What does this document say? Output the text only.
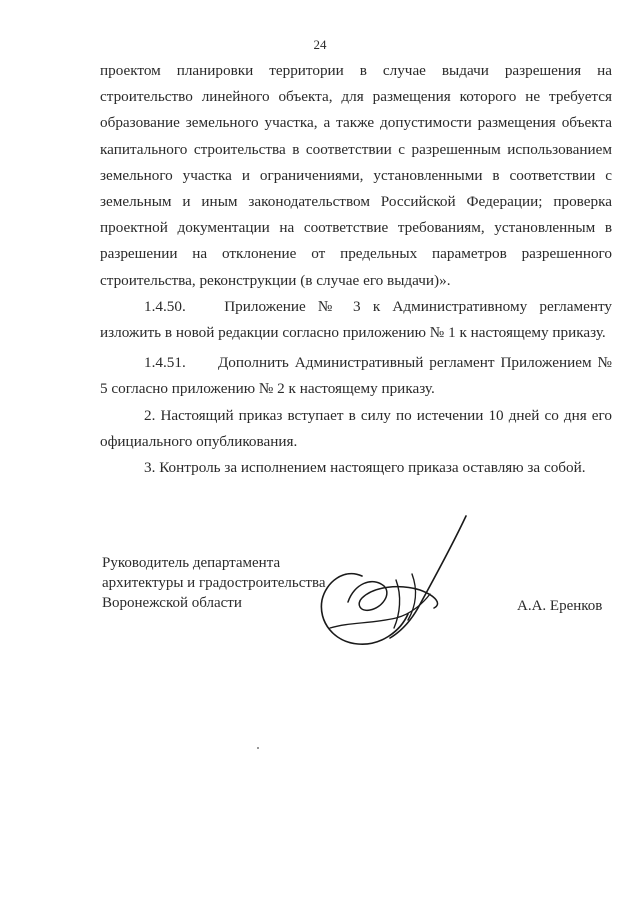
24

проектом планировки территории в случае выдачи разрешения на строительство линейного объекта, для размещения которого не требуется образование земельного участка, а также допустимости размещения объекта капитального строительства в соответствии с разрешенным использованием земельного участка и ограничениями, установленными в соответствии с земельным и иным законодательством Российской Федерации; проверка проектной документации на соответствие требованиям, установленным в разрешении на отклонение от предельных параметров разрешенного строительства, реконструкции (в случае его выдачи)».

1.4.50.	Приложение № 3 к Административному регламенту изложить в новой редакции согласно приложению № 1 к настоящему приказу.

1.4.51. Дополнить Административный регламент Приложением № 5 согласно приложению № 2 к настоящему приказу.

2. Настоящий приказ вступает в силу по истечении 10 дней со дня его официального опубликования.

3. Контроль за исполнением настоящего приказа оставляю за собой.

Руководитель департамента
архитектуры и градостроительства
Воронежской области	А.А. Еренков
